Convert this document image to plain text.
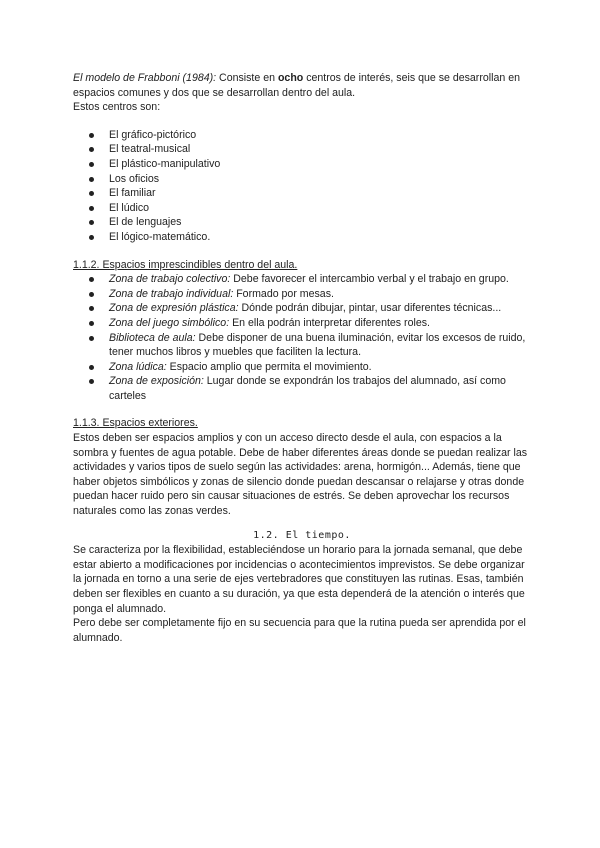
El modelo de Frabboni (1984): Consiste en ocho centros de interés, seis que se desarrollan en espacios comunes y dos que se desarrollan dentro del aula.

Estos centros son:

El gráfico-pictórico
El teatral-musical
El plástico-manipulativo
Los oficios
El familiar
El lúdico
El de lenguajes
El lógico-matemático.

1.1.2. Espacios imprescindibles dentro del aula.

Zona de trabajo colectivo: Debe favorecer el intercambio verbal y el trabajo en grupo.
Zona de trabajo individual: Formado por mesas.
Zona de expresión plástica: Dónde podrán dibujar, pintar, usar diferentes técnicas...
Zona del juego simbólico: En ella podrán interpretar diferentes roles.
Biblioteca de aula: Debe disponer de una buena iluminación, evitar los excesos de ruido, tener muchos libros y muebles que faciliten la lectura.
Zona lúdica: Espacio amplio que permita el movimiento.
Zona de exposición: Lugar donde se expondrán los trabajos del alumnado, así como carteles

1.1.3. Espacios exteriores.

Estos deben ser espacios amplios y con un acceso directo desde el aula, con espacios a la sombra y fuentes de agua potable. Debe de haber diferentes áreas donde se puedan realizar las actividades y varios tipos de suelo según las actividades: arena, hormigón... Además, tiene que haber objetos simbólicos y zonas de silencio donde puedan descansar o relajarse y otras donde puedan hacer ruido pero sin causar situaciones de estrés. Se deben aprovechar los recursos naturales como las zonas verdes.

1.2. El tiempo.

Se caracteriza por la flexibilidad, estableciéndose un horario para la jornada semanal, que debe estar abierto a modificaciones por incidencias o acontecimientos imprevistos. Se debe organizar la jornada en torno a una serie de ejes vertebradores que constituyen las rutinas. Esas, también deben ser flexibles en cuanto a su duración, ya que esta dependerá de la atención o interés que ponga el alumnado.

Pero debe ser completamente fijo en su secuencia para que la rutina pueda ser aprendida por el alumnado.
